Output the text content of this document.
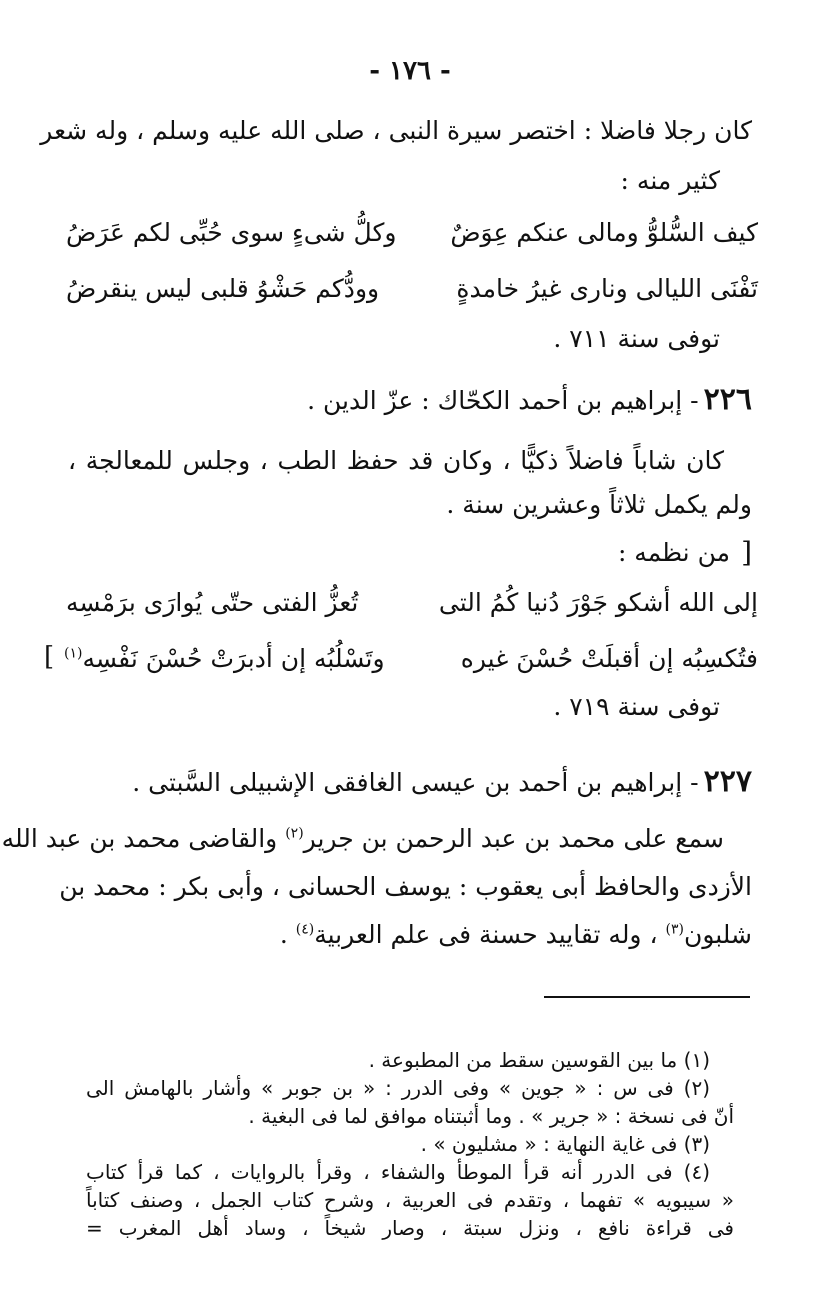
- ١٧٦ -
كان رجلا فاضلا : اختصر سيرة النبى ، صلى الله عليه وسلم ، وله شعر
كثير منه :
كيف السُّلوُّ ومالى عنكم عِوَضٌ
وكلُّ شىءٍ سوى حُبِّى لكم عَرَضُ
تَفْنَى الليالى ونارى غيرُ خامدةٍ
وودُّكم حَشْوُ قلبى ليس ينقرضُ
توفى سنة ٧١١ .
٢٢٦ - إبراهيم بن أحمد الكحّاك : عزّ الدين .
كان شاباً فاضلاً ذكيًّا ، وكان قد حفظ الطب ، وجلس للمعالجة ،
ولم يكمل ثلاثاً وعشرين سنة .
[
من نظمه :
إلى الله أشكو جَوْرَ دُنيا كُمُ التى
تُعزُّ الفتى حتّى يُوارَى برَمْسِه
فتُكسِبُه إن أقبلَتْ حُسْنَ غيره
وتَسْلُبُه إن أدبرَتْ حُسْنَ نَفْسِه$^{(١)}$
]
توفى سنة ٧١٩ .
٢٢٧ - إبراهيم بن أحمد بن عيسى الغافقى الإشبيلى السَّبتى .
سمع على محمد بن عبد الرحمن بن جرير$^{(٢)}$ والقاضى محمد بن عبد الله
الأزدى والحافظ أبى يعقوب : يوسف الحسانى ، وأبى بكر : محمد بن
شلبون$^{(٣)}$ ، وله تقاييد حسنة فى علم العربية$^{(٤)}$ .
(١) ما بين القوسين سقط من المطبوعة .
(٢) فى س : « جوين » وفى الدرر : « بن جوبر » وأشار بالهامش الى
أنّ فى نسخة : « جرير » . وما أثبتناه موافق لما فى البغية .
(٣) فى غاية النهاية : « مشليون » .
(٤) فى الدرر أنه قرأ الموطأ والشفاء ، وقرأ بالروايات ، كما قرأ كتاب
« سيبويه » تفهما ، وتقدم فى العربية ، وشرح كتاب الجمل ، وصنف كتاباً
فى قراءة نافع ، ونزل سبتة ، وصار شيخاً ، وساد أهل المغرب =
